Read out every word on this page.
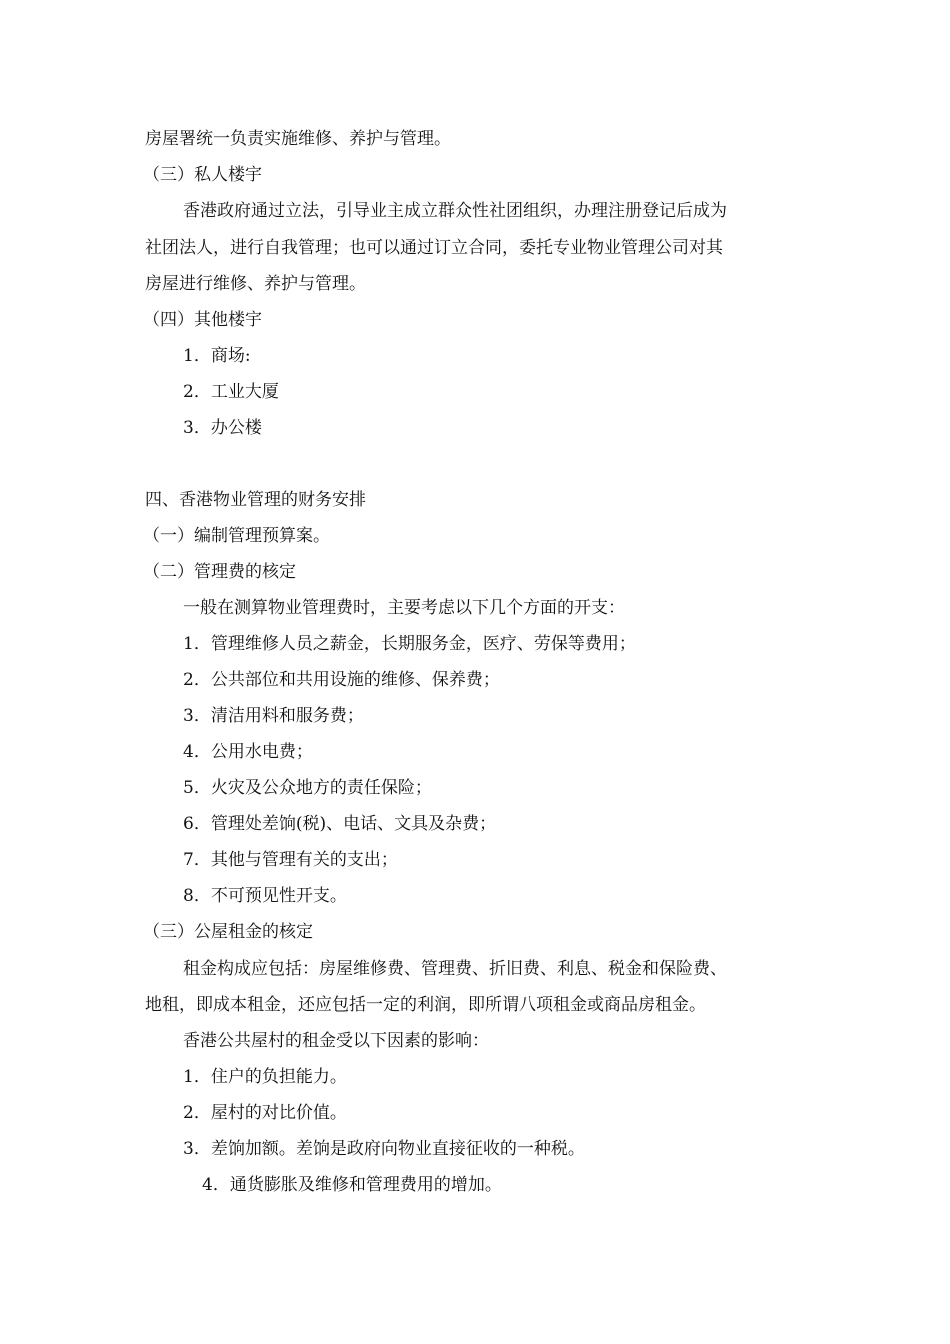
房屋署统一负责实施维修、养护与管理。
（三）私人楼宇
香港政府通过立法，引导业主成立群众性社团组织，办理注册登记后成为
社团法人，进行自我管理；也可以通过订立合同，委托专业物业管理公司对其
房屋进行维修、养护与管理。
（四）其他楼宇
1．商场:
2．工业大厦
3．办公楼
四、香港物业管理的财务安排
（一）编制管理预算案。
（二）管理费的核定
一般在测算物业管理费时，主要考虑以下几个方面的开支：
1．管理维修人员之薪金，长期服务金，医疗、劳保等费用；
2．公共部位和共用设施的维修、保养费；
3．清洁用料和服务费；
4．公用水电费；
5．火灾及公众地方的责任保险；
6．管理处差饷(税)、电话、文具及杂费；
7．其他与管理有关的支出；
8．不可预见性开支。
（三）公屋租金的核定
租金构成应包括：房屋维修费、管理费、折旧费、利息、税金和保险费、
地租，即成本租金，还应包括一定的利润，即所谓八项租金或商品房租金。
香港公共屋村的租金受以下因素的影响：
1．住户的负担能力。
2．屋村的对比价值。
3．差饷加额。差饷是政府向物业直接征收的一种税。
4．通货膨胀及维修和管理费用的增加。
